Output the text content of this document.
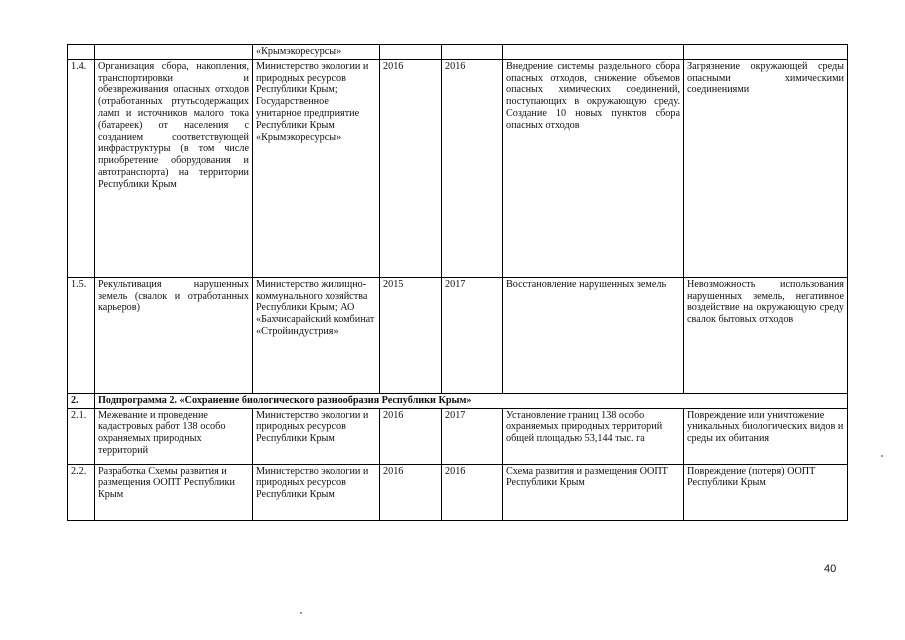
		«Крымэкоресурсы»				
1.4.	Организация сбора, накопления, транспортировки и обезвреживания опасных отходов (отработанных ртутьсодержащих ламп и источников малого тока (батареек) от населения с созданием соответствующей инфраструктуры (в том числе приобретение оборудования и автотранспорта) на территории Республики Крым	Министерство экологии и природных ресурсов Республики Крым; Государственное унитарное предприятие Республики Крым «Крымэкоресурсы»	2016	2016	Внедрение системы раздельного сбора опасных отходов, снижение объемов опасных химических соединений, поступающих в окружающую среду. Создание 10 новых пунктов сбора опасных отходов	Загрязнение окружающей среды опасными химическими соединениями
1.5.	Рекультивация нарушенных земель (свалок и отработанных карьеров)	Министерство жилищно-коммунального хозяйства Республики Крым; АО «Бахчисарайский комбинат «Стройиндустрия»	2015	2017	Восстановление нарушенных земель	Невозможность использования нарушенных земель, негативное воздействие на окружающую среду свалок бытовых отходов
2.	Подпрограмма 2. «Сохранение биологического разнообразия Республики Крым»					
2.1.	Межевание и проведение кадастровых работ 138 особо охраняемых природных территорий	Министерство экологии и природных ресурсов Республики Крым	2016	2017	Установление границ 138 особо охраняемых природных территорий общей площадью 53,144 тыс. га	Повреждение или уничтожение уникальных биологических видов и среды их обитания
2.2.	Разработка Схемы развития и размещения ООПТ Республики Крым	Министерство экологии и природных ресурсов Республики Крым	2016	2016	Схема развития и размещения ООПТ Республики Крым	Повреждение (потеря) ООПТ Республики Крым
40
